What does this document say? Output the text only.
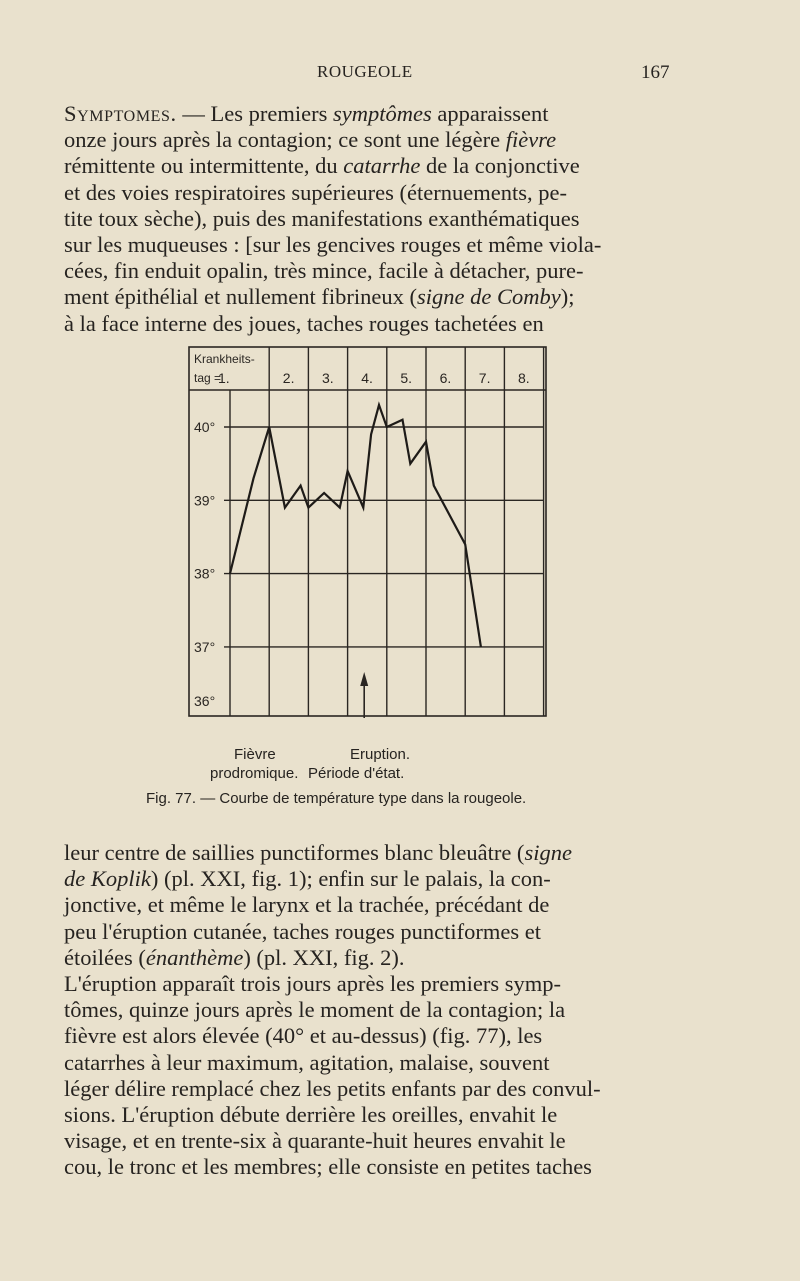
ROUGEOLE	167
Symptomes. — Les premiers symptômes apparaissent
onze jours après la contagion; ce sont une légère fièvre
rémittente ou intermittente, du catarrhe de la conjonctive
et des voies respiratoires supérieures (éternuements, pe-
tite toux sèche), puis des manifestations exanthématiques
sur les muqueuses : [sur les gencives rouges et même viola-
cées, fin enduit opalin, très mince, facile à détacher, pure-
ment épithélial et nullement fibrineux (signe de Comby);
à la face interne des joues, taches rouges tachetées en
Krankheits-
tag =
1.	2. 3. 4. 5. 6. 7. 8.
40°
39°
38°
37°
36°
Fièvre	Eruption.
prodromique. Période d'état.
Fig. 77. — Courbe de température type dans la rougeole.
leur centre de saillies punctiformes blanc bleuâtre (signe
de Koplik) (pl. XXI, fig. 1); enfin sur le palais, la con-
jonctive, et même le larynx et la trachée, précédant de
peu l'éruption cutanée, taches rouges punctiformes et
étoilées (énanthème) (pl. XXI, fig. 2).
L'éruption apparaît trois jours après les premiers symp-
tômes, quinze jours après le moment de la contagion; la
fièvre est alors élevée (40° et au-dessus) (fig. 77), les
catarrhes à leur maximum, agitation, malaise, souvent
léger délire remplacé chez les petits enfants par des convul-
sions. L'éruption débute derrière les oreilles, envahit le
visage, et en trente-six à quarante-huit heures envahit le
cou, le tronc et les membres; elle consiste en petites taches
